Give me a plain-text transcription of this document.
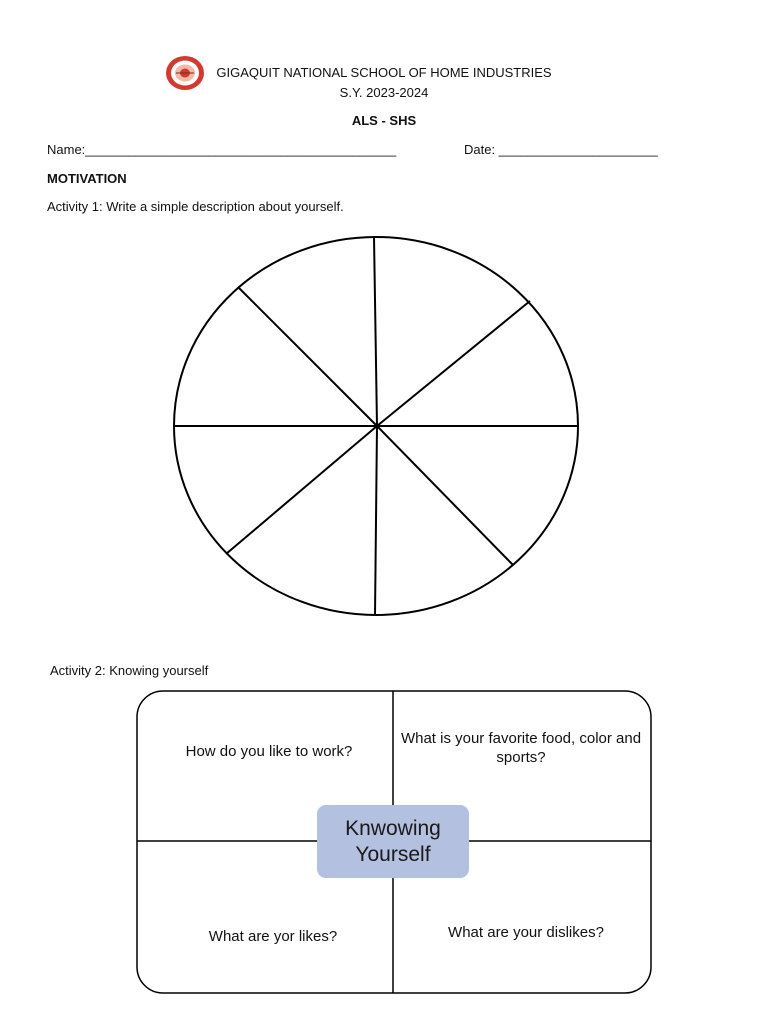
GIGAQUIT NATIONAL SCHOOL OF HOME INDUSTRIES
S.Y. 2023-2024
ALS - SHS
Name:___________________________________________	Date: ______________________
MOTIVATION
Activity 1: Write a simple description about yourself.
Activity 2: Knowing yourself
How do you like to work?
What is your favorite food, color and sports?
What are yor likes?	What are your dislikes?
Knwowing
Yourself
